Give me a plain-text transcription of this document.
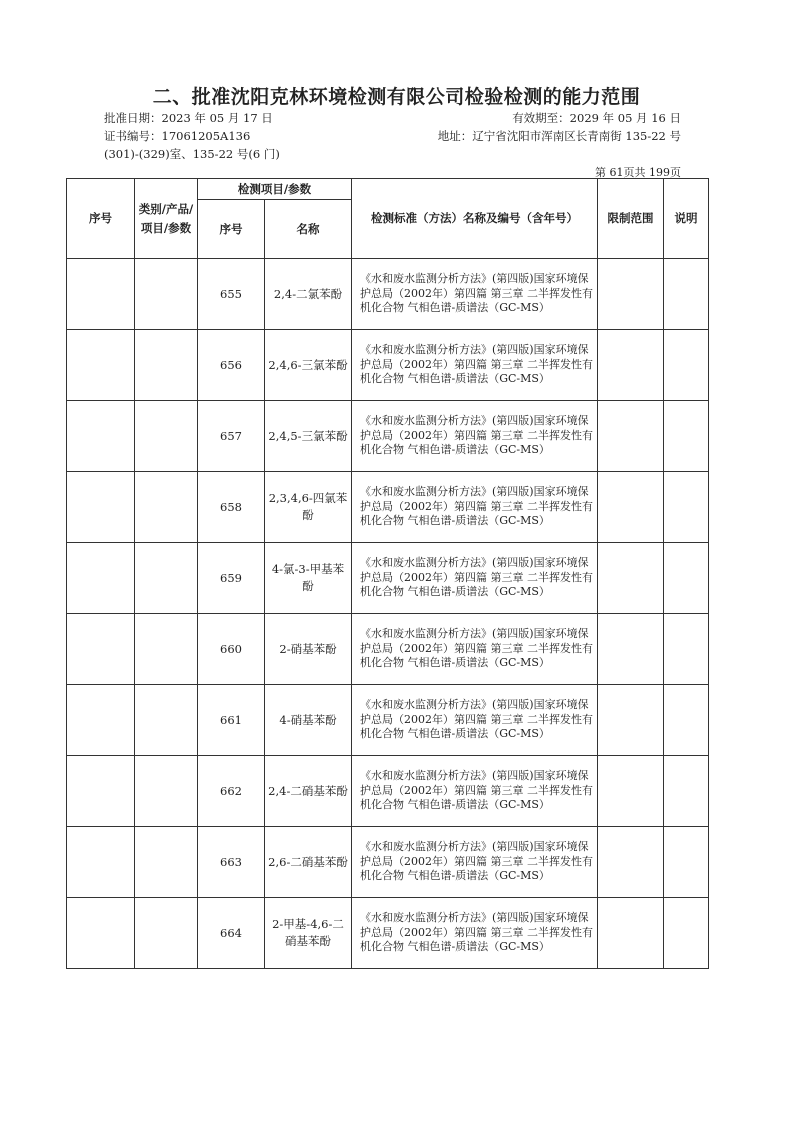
二、批准沈阳克林环境检测有限公司检验检测的能力范围
批准日期：2023 年 05 月 17 日
证书编号：17061205A136
(301)-(329)室、135-22 号(6 门)
有效期至：2029 年 05 月 16 日
地址：辽宁省沈阳市浑南区长青南街 135-22 号
第 61页共 199页
序号	类别/产品/项目/参数	检测项目/参数		检测标准（方法）名称及编号（含年号）	限制范围	说明
		序号	名称			
		655	2,4-二氯苯酚	《水和废水监测分析方法》(第四版)国家环境保护总局（2002年）第四篇 第三章 二半挥发性有机化合物 气相色谱-质谱法（GC-MS）		
		656	2,4,6-三氯苯酚	《水和废水监测分析方法》(第四版)国家环境保护总局（2002年）第四篇 第三章 二半挥发性有机化合物 气相色谱-质谱法（GC-MS）		
		657	2,4,5-三氯苯酚	《水和废水监测分析方法》(第四版)国家环境保护总局（2002年）第四篇 第三章 二半挥发性有机化合物 气相色谱-质谱法（GC-MS）		
		658	2,3,4,6-四氯苯酚	《水和废水监测分析方法》(第四版)国家环境保护总局（2002年）第四篇 第三章 二半挥发性有机化合物 气相色谱-质谱法（GC-MS）		
		659	4-氯-3-甲基苯酚	《水和废水监测分析方法》(第四版)国家环境保护总局（2002年）第四篇 第三章 二半挥发性有机化合物 气相色谱-质谱法（GC-MS）		
		660	2-硝基苯酚	《水和废水监测分析方法》(第四版)国家环境保护总局（2002年）第四篇 第三章 二半挥发性有机化合物 气相色谱-质谱法（GC-MS）		
		661	4-硝基苯酚	《水和废水监测分析方法》(第四版)国家环境保护总局（2002年）第四篇 第三章 二半挥发性有机化合物 气相色谱-质谱法（GC-MS）		
		662	2,4-二硝基苯酚	《水和废水监测分析方法》(第四版)国家环境保护总局（2002年）第四篇 第三章 二半挥发性有机化合物 气相色谱-质谱法（GC-MS）		
		663	2,6-二硝基苯酚	《水和废水监测分析方法》(第四版)国家环境保护总局（2002年）第四篇 第三章 二半挥发性有机化合物 气相色谱-质谱法（GC-MS）		
		664	2-甲基-4,6-二硝基苯酚	《水和废水监测分析方法》(第四版)国家环境保护总局（2002年）第四篇 第三章 二半挥发性有机化合物 气相色谱-质谱法（GC-MS）		
